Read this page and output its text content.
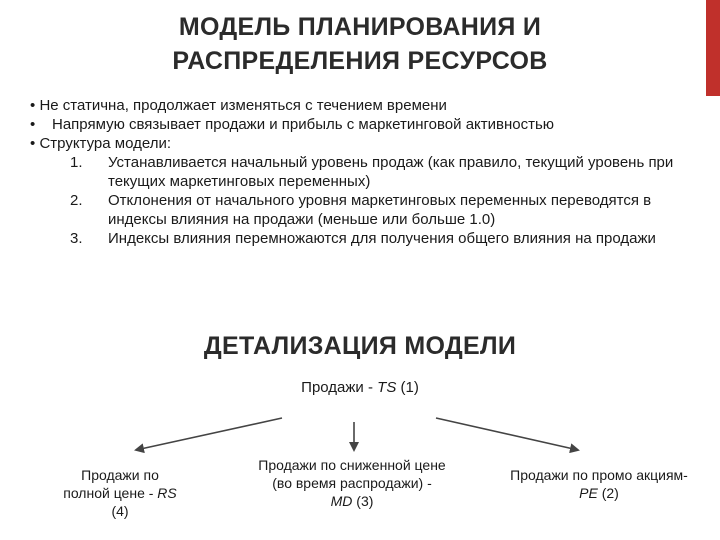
МОДЕЛЬ ПЛАНИРОВАНИЯ И
РАСПРЕДЕЛЕНИЯ РЕСУРСОВ
• Не статична, продолжает изменяться с течением времени
• Напрямую связывает продажи и прибыль с маркетинговой активностью
• Структура модели:
1. Устанавливается начальный уровень продаж (как правило, текущий уровень при текущих маркетинговых переменных)
2. Отклонения от начального уровня маркетинговых переменных переводятся в индексы влияния на продажи (меньше или больше 1.0)
3. Индексы влияния перемножаются для получения общего влияния на продажи
ДЕТАЛИЗАЦИЯ МОДЕЛИ
Продажи - TS (1)
Продажи по
полной цене - RS
(4)
Продажи по сниженной цене
(во время распродажи) -
MD (3)
Продажи по промо акциям-
PE (2)
